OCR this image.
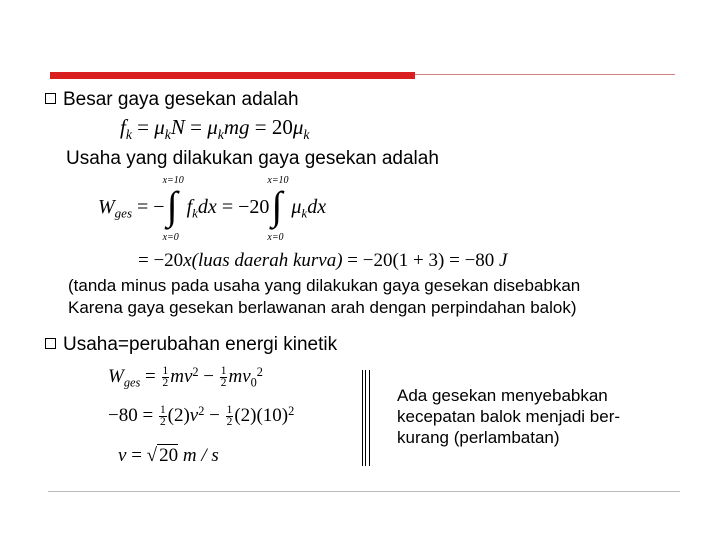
Besar gaya gesekan adalah
$f_k = \mu_kN = \mu_kmg = 20\mu_k$
Usaha yang dilakukan gaya gesekan adalah
$W_{ges}$ = −
x=10
∫
x=0
$f_kdx = -20$
x=10
∫
x=0
$\mu_kdx$
= −20x(luas daerah kurva) = −20(1 + 3) = −80 J
(tanda minus pada usaha yang dilakukan gaya gesekan disebabkan
Karena gaya gesekan berlawanan arah dengan perpindahan balok)
Usaha=perubahan energi kinetik
$W_{ges} = \frac{1}{2} mv^2 - \frac{1}{2} mv_0^2$
$-80 = \frac{1}{2} (2)v^2 - \frac{1}{2} (2)(10)^2$
v = √ 20 m / s
Ada gesekan menyebabkan
kecepatan balok menjadi ber-
kurang (perlambatan)
